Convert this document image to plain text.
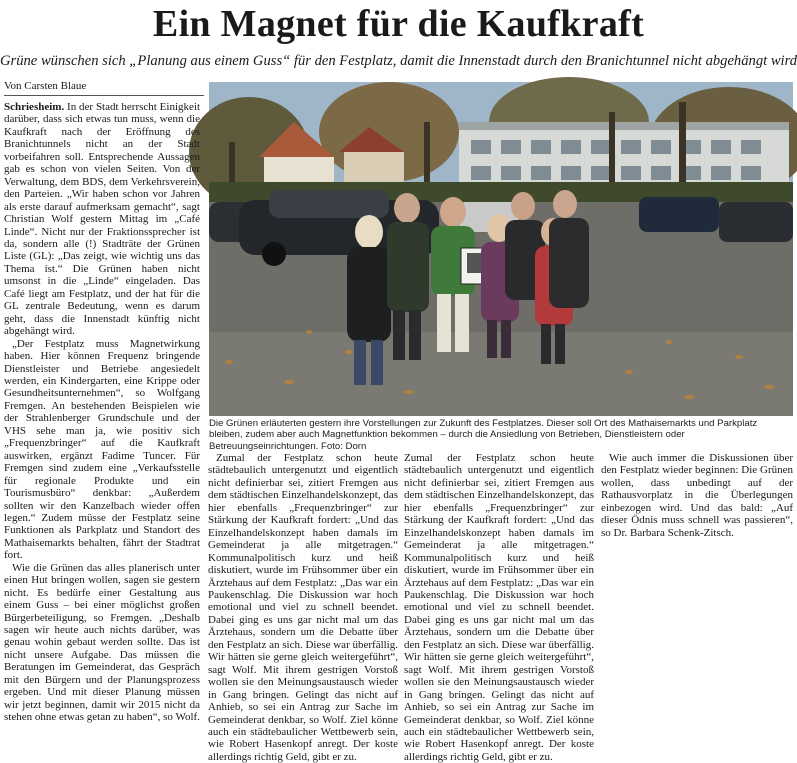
Ein Magnet für die Kaufkraft
Grüne wünschen sich „Planung aus einem Guss“ für den Festplatz, damit die Innenstadt durch den Branichtunnel nicht abgehängt wird
Von Carsten Blaue
Die Grünen erläuterten gestern ihre Vorstellungen zur Zukunft des Festplatzes. Dieser soll Ort des Mathaisemarkts und Parkplatz bleiben, zudem aber auch Magnetfunktion bekommen – durch die Ansiedlung von Betrieben, Dienstleistern oder Betreuungseinrichtungen. Foto: Dorn

Schriesheim. In der Stadt herrscht Einigkeit darüber, dass sich etwas tun muss, wenn die Kaufkraft nach der Eröffnung des Branichtunnels nicht an der Stadt vorbeifahren soll. Entsprechende Aussagen gab es schon von vielen Seiten. Von der Verwaltung, dem BDS, dem Verkehrsverein, den Parteien. „Wir haben schon vor Jahren als erste darauf aufmerksam gemacht“, sagt Christian Wolf gestern Mittag im „Café Linde“. Nicht nur der Fraktionssprecher ist da, sondern alle (!) Stadträte der Grünen Liste (GL): „Das zeigt, wie wichtig uns das Thema ist.“ Die Grünen haben nicht umsonst in die „Linde“ eingeladen. Das Café liegt am Festplatz, und der hat für die GL zentrale Bedeutung, wenn es darum geht, dass die Innenstadt künftig nicht abgehängt wird.

„Der Festplatz muss Magnetwirkung haben. Hier können Frequenz bringende Dienstleister und Betriebe angesiedelt werden, ein Kindergarten, eine Krippe oder Gesundheitsunternehmen“, so Wolfgang Fremgen. An bestehenden Beispielen wie der Strahlenberger Grundschule und der VHS sehe man ja, wie positiv sich „Frequenzbringer“ auf die Kaufkraft auswirken, ergänzt Fadime Tuncer. Für Fremgen sind zudem eine „Verkaufsstelle für regionale Produkte und ein Tourismusbüro“ denkbar: „Außerdem sollten wir den Kanzelbach wieder offen legen.“ Zudem müsse der Festplatz seine Funktionen als Parkplatz und Standort des Mathaisemarkts behalten, fährt der Stadtrat fort.

Wie die Grünen das alles planerisch unter einen Hut bringen wollen, sagen sie gestern nicht. Es bedürfe einer Gestaltung aus einem Guss – bei einer möglichst großen Bürgerbeteiligung, so Fremgen. „Deshalb sagen wir heute auch nichts darüber, was genau wohin gebaut werden sollte. Das ist nicht unsere Aufgabe. Das müssen die Beratungen im Gemeinderat, das Gespräch mit den Bürgern und der Planungsprozess ergeben. Und mit dieser Planung müssen wir jetzt beginnen, damit wir 2015 nicht da stehen ohne etwas getan zu haben“, so Wolf.

Zumal der Festplatz schon heute städtebaulich untergenutzt und eigentlich nicht definierbar sei, zitiert Fremgen aus dem städtischen Einzelhandelskonzept, das hier ebenfalls „Frequenzbringer“ zur Stärkung der Kaufkraft fordert: „Und das Einzelhandelskonzept haben damals im Gemeinderat ja alle mitgetragen.“ Kommunalpolitisch kurz und heiß diskutiert, wurde im Frühsommer über ein Ärztehaus auf dem Festplatz: „Das war ein Paukenschlag. Die Diskussion war hoch emotional und viel zu schnell beendet. Dabei ging es uns gar nicht mal um das Ärztehaus, sondern um die Debatte über den Festplatz an sich. Diese war überfällig. Wir hätten sie gerne gleich weitergeführt“, sagt Wolf. Mit ihrem gestrigen Vorstoß wollen sie den Meinungsaustausch wieder in Gang bringen. Gelingt das nicht auf Anhieb, so sei ein Antrag zur Sache im Gemeinderat denkbar, so Wolf. Ziel könne auch ein städtebaulicher Wettbewerb sein, wie Robert Hasenkopf anregt. Der koste allerdings richtig Geld, gibt er zu.

Zumal der Festplatz schon heute städtebaulich untergenutzt und eigentlich nicht definierbar sei, zitiert Fremgen aus dem städtischen Einzelhandelskonzept, das hier ebenfalls „Frequenzbringer“ zur Stärkung der Kaufkraft fordert: „Und das Einzelhandelskonzept haben damals im Gemeinderat ja alle mitgetragen.“ Kommunalpolitisch kurz und heiß diskutiert, wurde im Frühsommer über ein Ärztehaus auf dem Festplatz: „Das war ein Paukenschlag. Die Diskussion war hoch emotional und viel zu schnell beendet. Dabei ging es uns gar nicht mal um das Ärztehaus, sondern um die Debatte über den Festplatz an sich. Diese war überfällig. Wir hätten sie gerne gleich weitergeführt“, sagt Wolf. Mit ihrem gestrigen Vorstoß wollen sie den Meinungsaustausch wieder in Gang bringen. Gelingt das nicht auf Anhieb, so sei ein Antrag zur Sache im Gemeinderat denkbar, so Wolf. Ziel könne auch ein städtebaulicher Wettbewerb sein, wie Robert Hasenkopf anregt. Der koste allerdings richtig Geld, gibt er zu.

Wie auch immer die Diskussionen über den Festplatz wieder beginnen: Die Grünen wollen, dass unbedingt auf der Rathausvorplatz in die Überlegungen einbezogen wird. Und das bald: „Auf dieser Ödnis muss schnell was passieren“, so Dr. Barbara Schenk-Zitsch.
